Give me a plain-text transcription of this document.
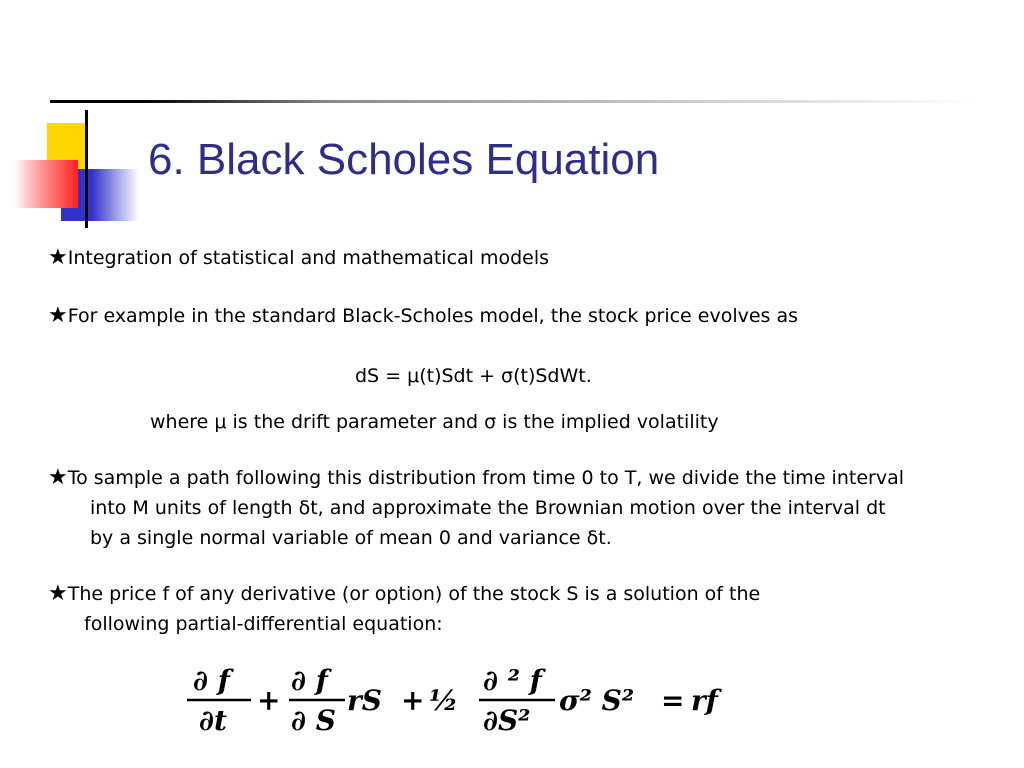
6. Black Scholes Equation
★Integration of statistical and mathematical models
★For example in the standard Black-Scholes model, the stock price evolves as
dS = μ(t)Sdt + σ(t)SdWt.
where μ is the drift parameter and σ is the implied volatility
★To sample a path following this distribution from time 0 to T, we divide the time interval
into M units of length δt, and approximate the Brownian motion over the interval dt
by a single normal variable of mean 0 and variance δt.
★The price f of any derivative (or option) of the stock S is a solution of the
following partial-differential equation:
∂ f
∂t
+
∂ f
∂ S
rS + ½
∂ ² f
∂S²
σ² S² = rf
